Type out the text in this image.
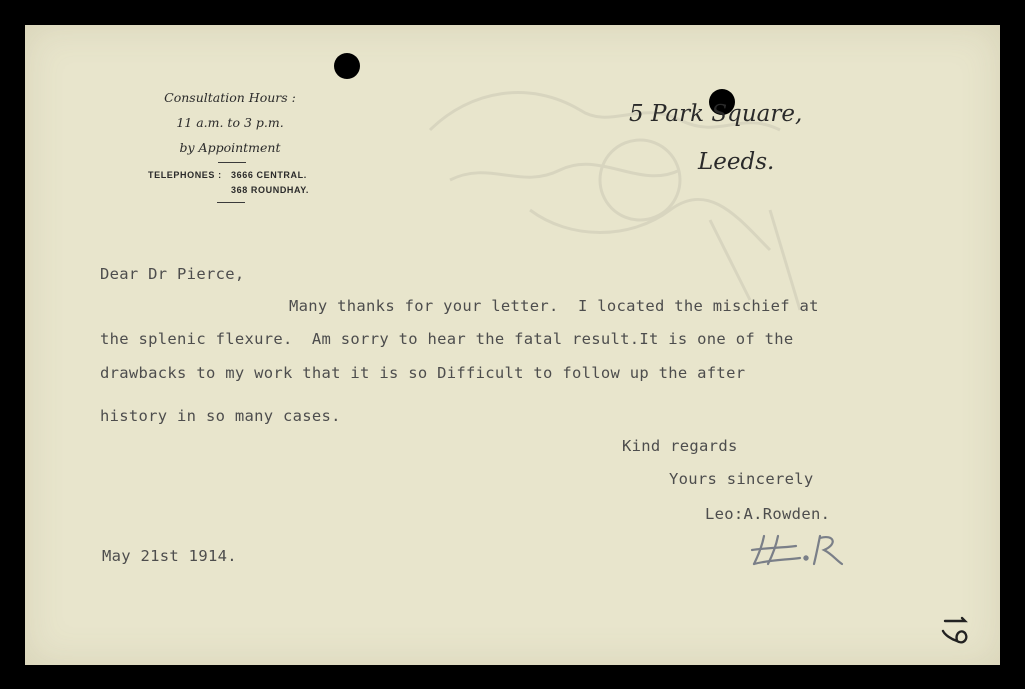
Consultation Hours :
11 a.m. to 3 p.m.
by Appointment
TELEPHONES : 3666 CENTRAL.
368 ROUNDHAY.
5 Park Square,
Leeds.
Dear Dr Pierce,
Many thanks for your letter.  I located the mischief at
the splenic flexure.  Am sorry to hear the fatal result.It is one of the
drawbacks to my work that it is so Difficult to follow up the after
history in so many cases.
Kind regards
Yours sincerely
Leo:A.Rowden.
May 21st 1914.
